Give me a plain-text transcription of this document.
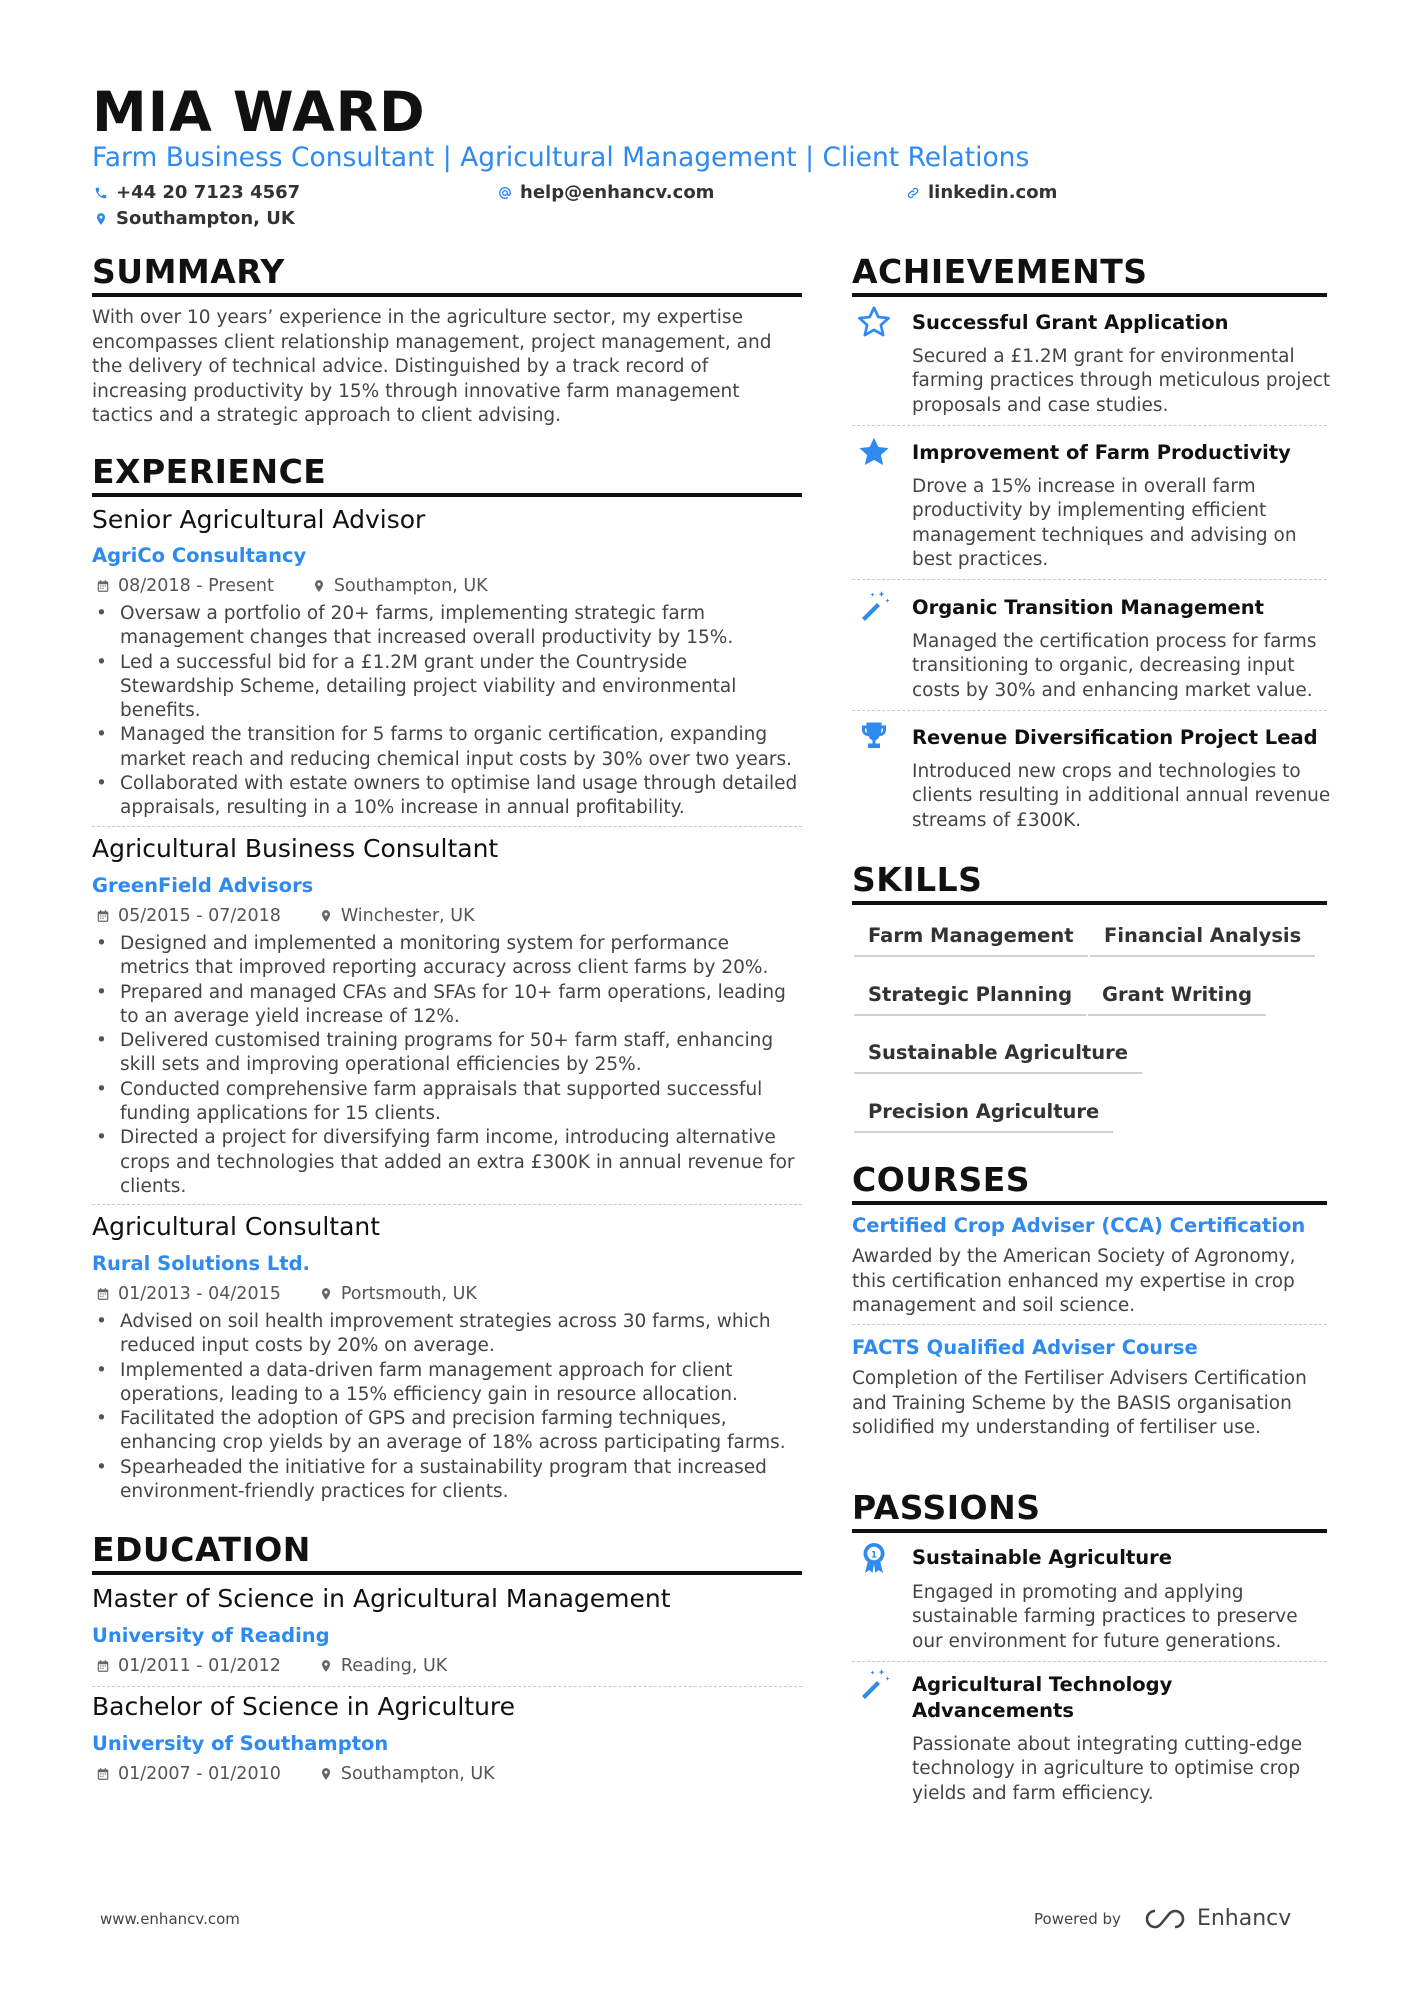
MIA WARD
Farm Business Consultant | Agricultural Management | Client Relations
+44 20 7123 4567	help@enhancv.com	linkedin.com
Southampton, UK
SUMMARY
With over 10 years’ experience in the agriculture sector, my expertise encompasses client relationship management, project management, and the delivery of technical advice. Distinguished by a track record of increasing productivity by 15% through innovative farm management tactics and a strategic approach to client advising.
EXPERIENCE
Senior Agricultural Advisor
AgriCo Consultancy
08/2018 - Present	Southampton, UK
• Oversaw a portfolio of 20+ farms, implementing strategic farm management changes that increased overall productivity by 15%.
• Led a successful bid for a £1.2M grant under the Countryside Stewardship Scheme, detailing project viability and environmental benefits.
• Managed the transition for 5 farms to organic certification, expanding market reach and reducing chemical input costs by 30% over two years.
• Collaborated with estate owners to optimise land usage through detailed appraisals, resulting in a 10% increase in annual profitability.
Agricultural Business Consultant
GreenField Advisors
05/2015 - 07/2018	Winchester, UK
• Designed and implemented a monitoring system for performance metrics that improved reporting accuracy across client farms by 20%.
• Prepared and managed CFAs and SFAs for 10+ farm operations, leading to an average yield increase of 12%.
• Delivered customised training programs for 50+ farm staff, enhancing skill sets and improving operational efficiencies by 25%.
• Conducted comprehensive farm appraisals that supported successful funding applications for 15 clients.
• Directed a project for diversifying farm income, introducing alternative crops and technologies that added an extra £300K in annual revenue for clients.
Agricultural Consultant
Rural Solutions Ltd.
01/2013 - 04/2015	Portsmouth, UK
• Advised on soil health improvement strategies across 30 farms, which reduced input costs by 20% on average.
• Implemented a data-driven farm management approach for client operations, leading to a 15% efficiency gain in resource allocation.
• Facilitated the adoption of GPS and precision farming techniques, enhancing crop yields by an average of 18% across participating farms.
• Spearheaded the initiative for a sustainability program that increased environment-friendly practices for clients.
EDUCATION
Master of Science in Agricultural Management
University of Reading
01/2011 - 01/2012	Reading, UK
Bachelor of Science in Agriculture
University of Southampton
01/2007 - 01/2010	Southampton, UK
ACHIEVEMENTS
Successful Grant Application
Secured a £1.2M grant for environmental farming practices through meticulous project proposals and case studies.
Improvement of Farm Productivity
Drove a 15% increase in overall farm productivity by implementing efficient management techniques and advising on best practices.
Organic Transition Management
Managed the certification process for farms transitioning to organic, decreasing input costs by 30% and enhancing market value.
Revenue Diversification Project Lead
Introduced new crops and technologies to clients resulting in additional annual revenue streams of £300K.
SKILLS
Farm Management	Financial Analysis
Strategic Planning	Grant Writing
Sustainable Agriculture
Precision Agriculture
COURSES
Certified Crop Adviser (CCA) Certification
Awarded by the American Society of Agronomy, this certification enhanced my expertise in crop management and soil science.
FACTS Qualified Adviser Course
Completion of the Fertiliser Advisers Certification and Training Scheme by the BASIS organisation solidified my understanding of fertiliser use.
PASSIONS
1 Sustainable Agriculture
Engaged in promoting and applying sustainable farming practices to preserve our environment for future generations.
Agricultural Technology Advancements
Passionate about integrating cutting-edge technology in agriculture to optimise crop yields and farm efficiency.
www.enhancv.com	Powered by	Enhancv
